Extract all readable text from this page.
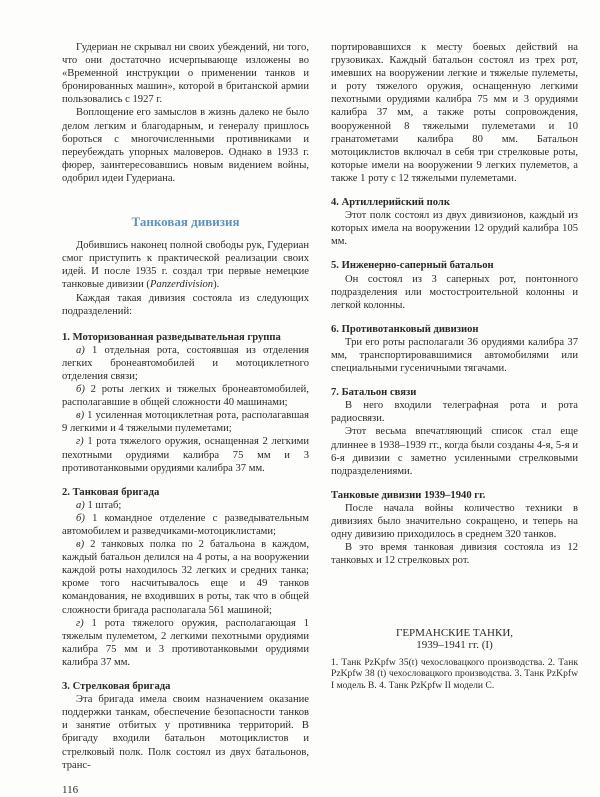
Гудериан не скрывал ни своих убеждений, ни того, что они достаточно исчерпывающе изложены во «Временной инструкции о применении танков и бронированных машин», которой в британской армии пользовались с 1927 г.

Воплощение его замыслов в жизнь далеко не было делом легким и благодарным, и генералу пришлось бороться с многочисленными противниками и переубеждать упорных маловеров. Однако в 1933 г. фюрер, заинтересовавшись новым видением войны, одобрил идеи Гудериана.

Танковая дивизия

Добившись наконец полной свободы рук, Гудериан смог приступить к практической реализации своих идей. И после 1935 г. создал три первые немецкие танковые дивизии (Panzerdivision).

Каждая такая дивизия состояла из следующих подразделений:

1. Моторизованная разведывательная группа

а) 1 отдельная рота, состоявшая из отделения легких бронеавтомобилей и мотоциклетного отделения связи;

б) 2 роты легких и тяжелых бронеавтомобилей, располагавшие в общей сложности 40 машинами;

в) 1 усиленная мотоциклетная рота, располагавшая 9 легкими и 4 тяжелыми пулеметами;

г) 1 рота тяжелого оружия, оснащенная 2 легкими пехотными орудиями калибра 75 мм и 3 противотанковыми орудиями калибра 37 мм.

2. Танковая бригада

а) 1 штаб;

б) 1 командное отделение с разведывательным автомобилем и разведчиками-мотоциклистами;

в) 2 танковых полка по 2 батальона в каждом, каждый батальон делился на 4 роты, а на вооружении каждой роты находилось 32 легких и средних танка; кроме того насчитывалось еще и 49 танков командования, не входивших в роты, так что в общей сложности бригада располагала 561 машиной;

г) 1 рота тяжелого оружия, располагающая 1 тяжелым пулеметом, 2 легкими пехотными орудиями калибра 75 мм и 3 противотанковыми орудиями калибра 37 мм.

3. Стрелковая бригада

Эта бригада имела своим назначением оказание поддержки танкам, обеспечение безопасности танков и занятие отбитых у противника территорий. В бригаду входили батальон мотоциклистов и стрелковый полк. Полк состоял из двух батальонов, транс-

116

портировавшихся к месту боевых действий на грузовиках. Каждый батальон состоял из трех рот, имевших на вооружении легкие и тяжелые пулеметы, и роту тяжелого оружия, оснащенную легкими пехотными орудиями калибра 75 мм и 3 орудиями калибра 37 мм, а также роты сопровождения, вооруженной 8 тяжелыми пулеметами и 10 гранатометами калибра 80 мм. Батальон мотоциклистов включал в себя три стрелковые роты, которые имели на вооружении 9 легких пулеметов, а также 1 роту с 12 тяжелыми пулеметами.

4. Артиллерийский полк

Этот полк состоял из двух дивизионов, каждый из которых имела на вооружении 12 орудий калибра 105 мм.

5. Инженерно-саперный батальон

Он состоял из 3 саперных рот, понтонного подразделения или мостостроительной колонны и легкой колонны.

6. Противотанковый дивизион

Три его роты располагали 36 орудиями калибра 37 мм, транспортировавшимися автомобилями или специальными гусеничными тягачами.

7. Батальон связи

В него входили телеграфная рота и рота радиосвязи.

Этот весьма впечатляющий список стал еще длиннее в 1938–1939 гг., когда были созданы 4-я, 5-я и 6-я дивизии с заметно усиленными стрелковыми подразделениями.

Танковые дивизии 1939–1940 гг.

После начала войны количество техники в дивизиях было значительно сокращено, и теперь на одну дивизию приходилось в среднем 320 танков.

В это время танковая дивизия состояла из 12 танковых и 12 стрелковых рот.

ГЕРМАНСКИЕ ТАНКИ,
1939–1941 гг. (I)
1. Танк PzKpfw 35(t) чехословацкого производства. 2. Танк PzKpfw 38 (t) чехословацкого производства. 3. Танк PzKpfw I модель B. 4. Танк PzKpfw II модели C.
